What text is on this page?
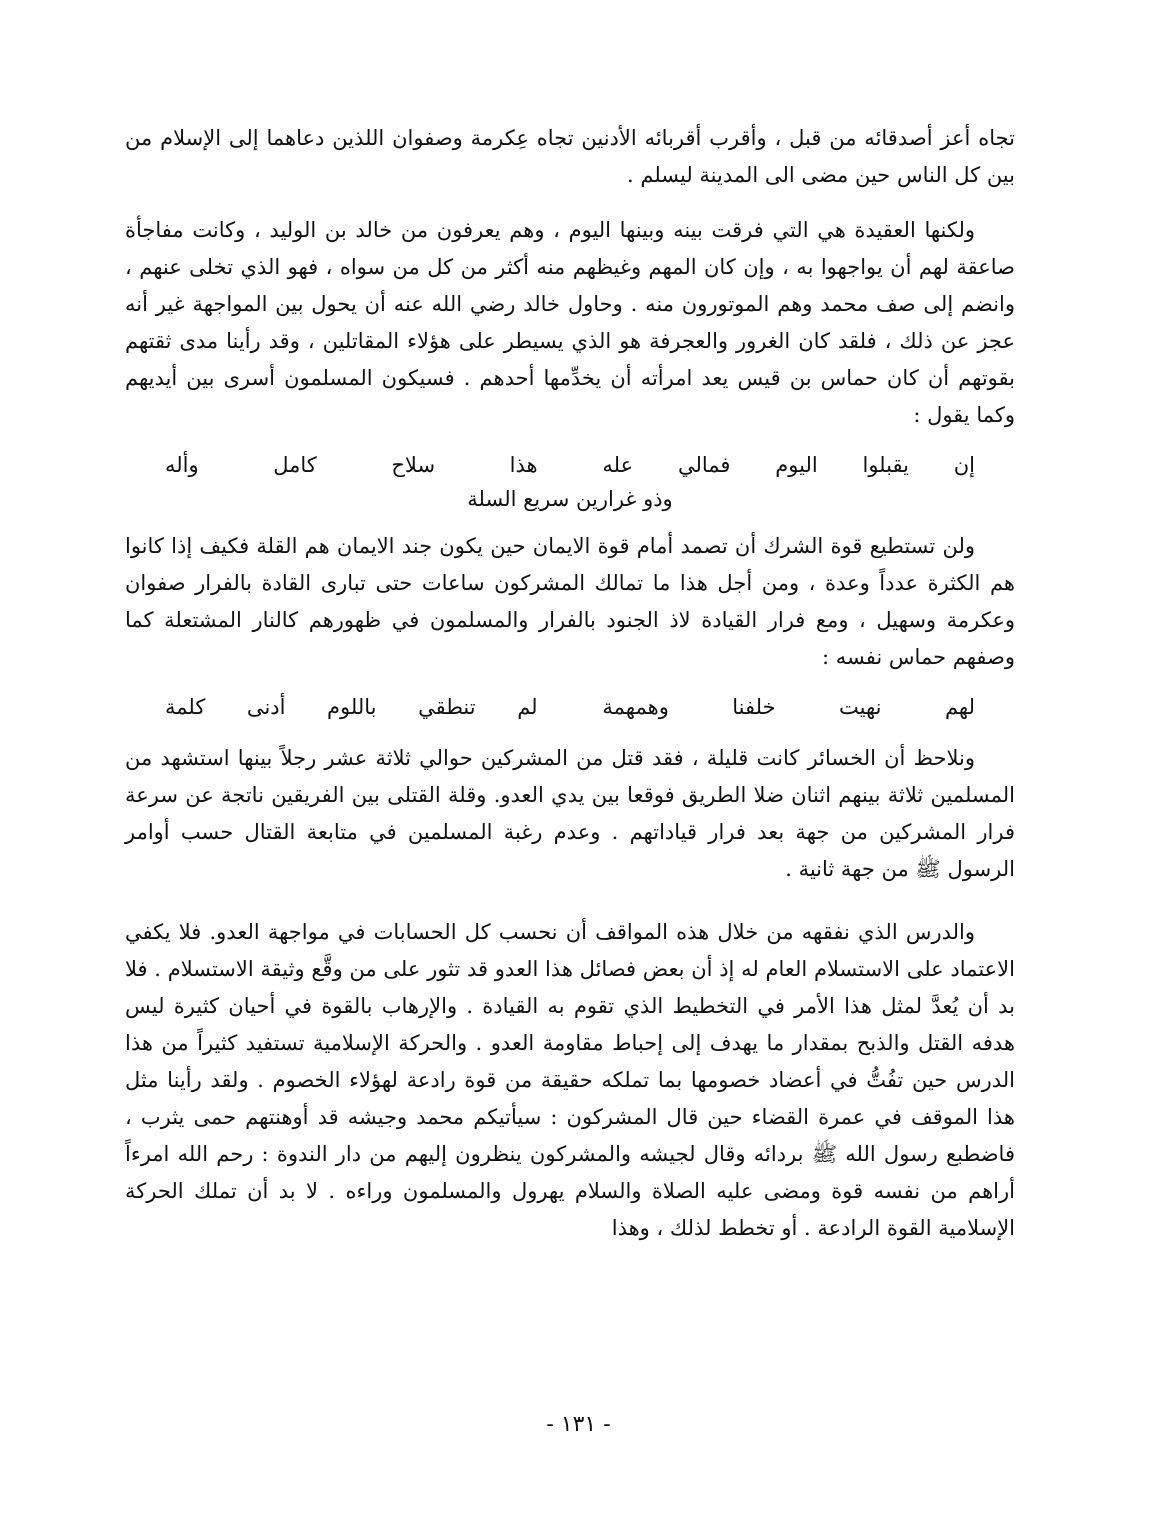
تجاه أعز أصدقائه من قبل ، وأقرب أقربائه الأدنين تجاه عِكرمة وصفوان اللذين دعاهما إلى الإسلام من بين كل الناس حين مضى الى المدينة ليسلم .

ولكنها العقيدة هي التي فرقت بينه وبينها اليوم ، وهم يعرفون من خالد بن الوليد ، وكانت مفاجأة صاعقة لهم أن يواجهوا به ، وإن كان المهم وغيظهم منه أكثر من كل من سواه ، فهو الذي تخلى عنهم ، وانضم إلى صف محمد وهم الموتورون منه . وحاول خالد رضي الله عنه أن يحول بين المواجهة غير أنه عجز عن ذلك ، فلقد كان الغرور والعجرفة هو الذي يسيطر على هؤلاء المقاتلين ، وقد رأينا مدى ثقتهم بقوتهم أن كان حماس بن قيس يعد امرأته أن يخدِّمها أحدهم . فسيكون المسلمون أسرى بين أيديهم وكما يقول :

إن يقبلوا اليوم فمالي عله
هذا سلاح كامل وأله
وذو غرارين سريع السلة

ولن تستطيع قوة الشرك أن تصمد أمام قوة الايمان حين يكون جند الايمان هم القلة فكيف إذا كانوا هم الكثرة عدداً وعدة ، ومن أجل هذا ما تمالك المشركون ساعات حتى تبارى القادة بالفرار صفوان وعكرمة وسهيل ، ومع فرار القيادة لاذ الجنود بالفرار والمسلمون في ظهورهم كالنار المشتعلة كما وصفهم حماس نفسه :

لهم نهيت خلفنا وهمهمة
لم تنطقي باللوم أدنى كلمة

ونلاحظ أن الخسائر كانت قليلة ، فقد قتل من المشركين حوالي ثلاثة عشر رجلاً بينها استشهد من المسلمين ثلاثة بينهم اثنان ضلا الطريق فوقعا بين يدي العدو. وقلة القتلى بين الفريقين ناتجة عن سرعة فرار المشركين من جهة بعد فرار قياداتهم . وعدم رغبة المسلمين في متابعة القتال حسب أوامر الرسول ﷺ من جهة ثانية .

والدرس الذي نفقهه من خلال هذه المواقف أن نحسب كل الحسابات في مواجهة العدو. فلا يكفي الاعتماد على الاستسلام العام له إذ أن بعض فصائل هذا العدو قد تثور على من وقَّع وثيقة الاستسلام . فلا بد أن يُعدَّ لمثل هذا الأمر في التخطيط الذي تقوم به القيادة . والإرهاب بالقوة في أحيان كثيرة ليس هدفه القتل والذبح بمقدار ما يهدف إلى إحباط مقاومة العدو . والحركة الإسلامية تستفيد كثيراً من هذا الدرس حين تفُتُّ في أعضاد خصومها بما تملكه حقيقة من قوة رادعة لهؤلاء الخصوم . ولقد رأينا مثل هذا الموقف في عمرة القضاء حين قال المشركون : سيأتيكم محمد وجيشه قد أوهنتهم حمى يثرب ، فاضطبع رسول الله ﷺ بردائه وقال لجيشه والمشركون ينظرون إليهم من دار الندوة : رحم الله امرءاً أراهم من نفسه قوة ومضى عليه الصلاة والسلام يهرول والمسلمون وراءه . لا بد أن تملك الحركة الإسلامية القوة الرادعة . أو تخطط لذلك ، وهذا

- ١٣١ -
